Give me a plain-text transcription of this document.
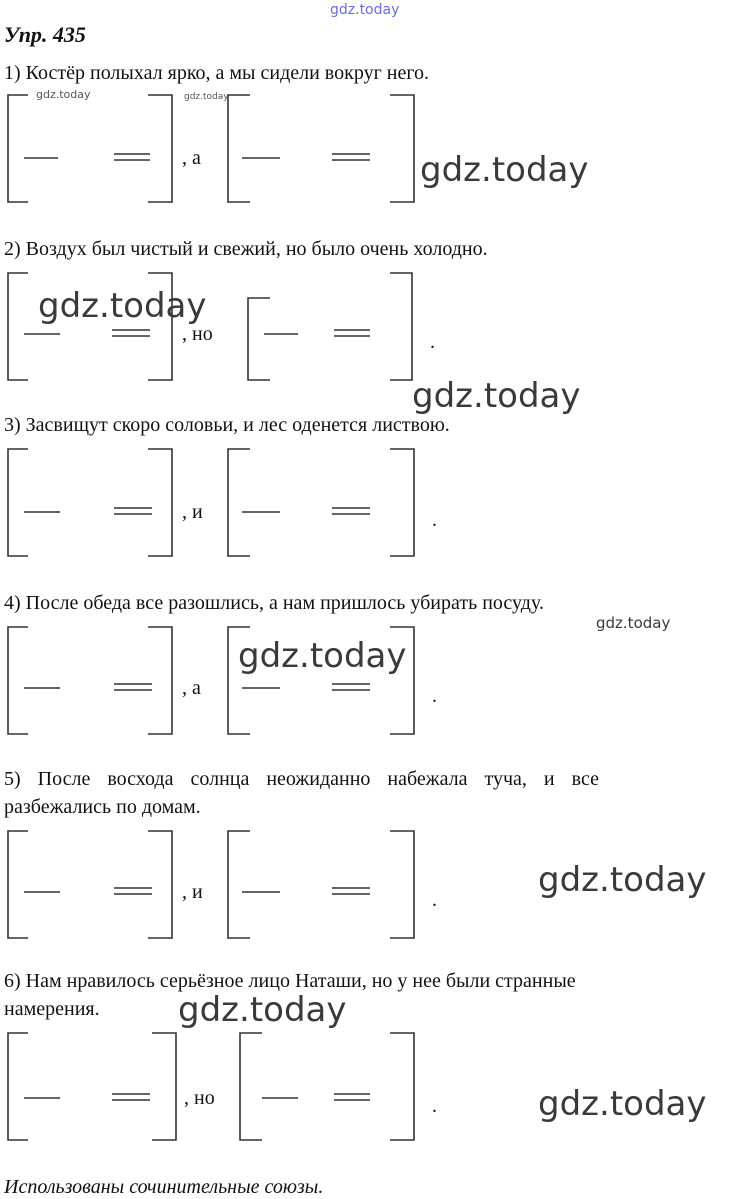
gdz.today
Упр. 435
1) Костёр полыхал ярко, а мы сидели вокруг него.
, а
gdz.today	gdz.today
gdz.today
2) Воздух был чистый и свежий, но было очень холодно.
, но	.
gdz.today
gdz.today
3) Засвищут скоро соловьи, и лес оденется листвою.
, и	.
4) После обеда все разошлись, а нам пришлось убирать посуду.
gdz.today
, а	.
gdz.today
5) После восхода солнца неожиданно набежала туча, и все
разбежались по домам.
, и	.	gdz.today
6) Нам нравилось серьёзное лицо Наташи, но у нее были странные
намерения. gdz.today
, но	.	gdz.today
Использованы сочинительные союзы.
